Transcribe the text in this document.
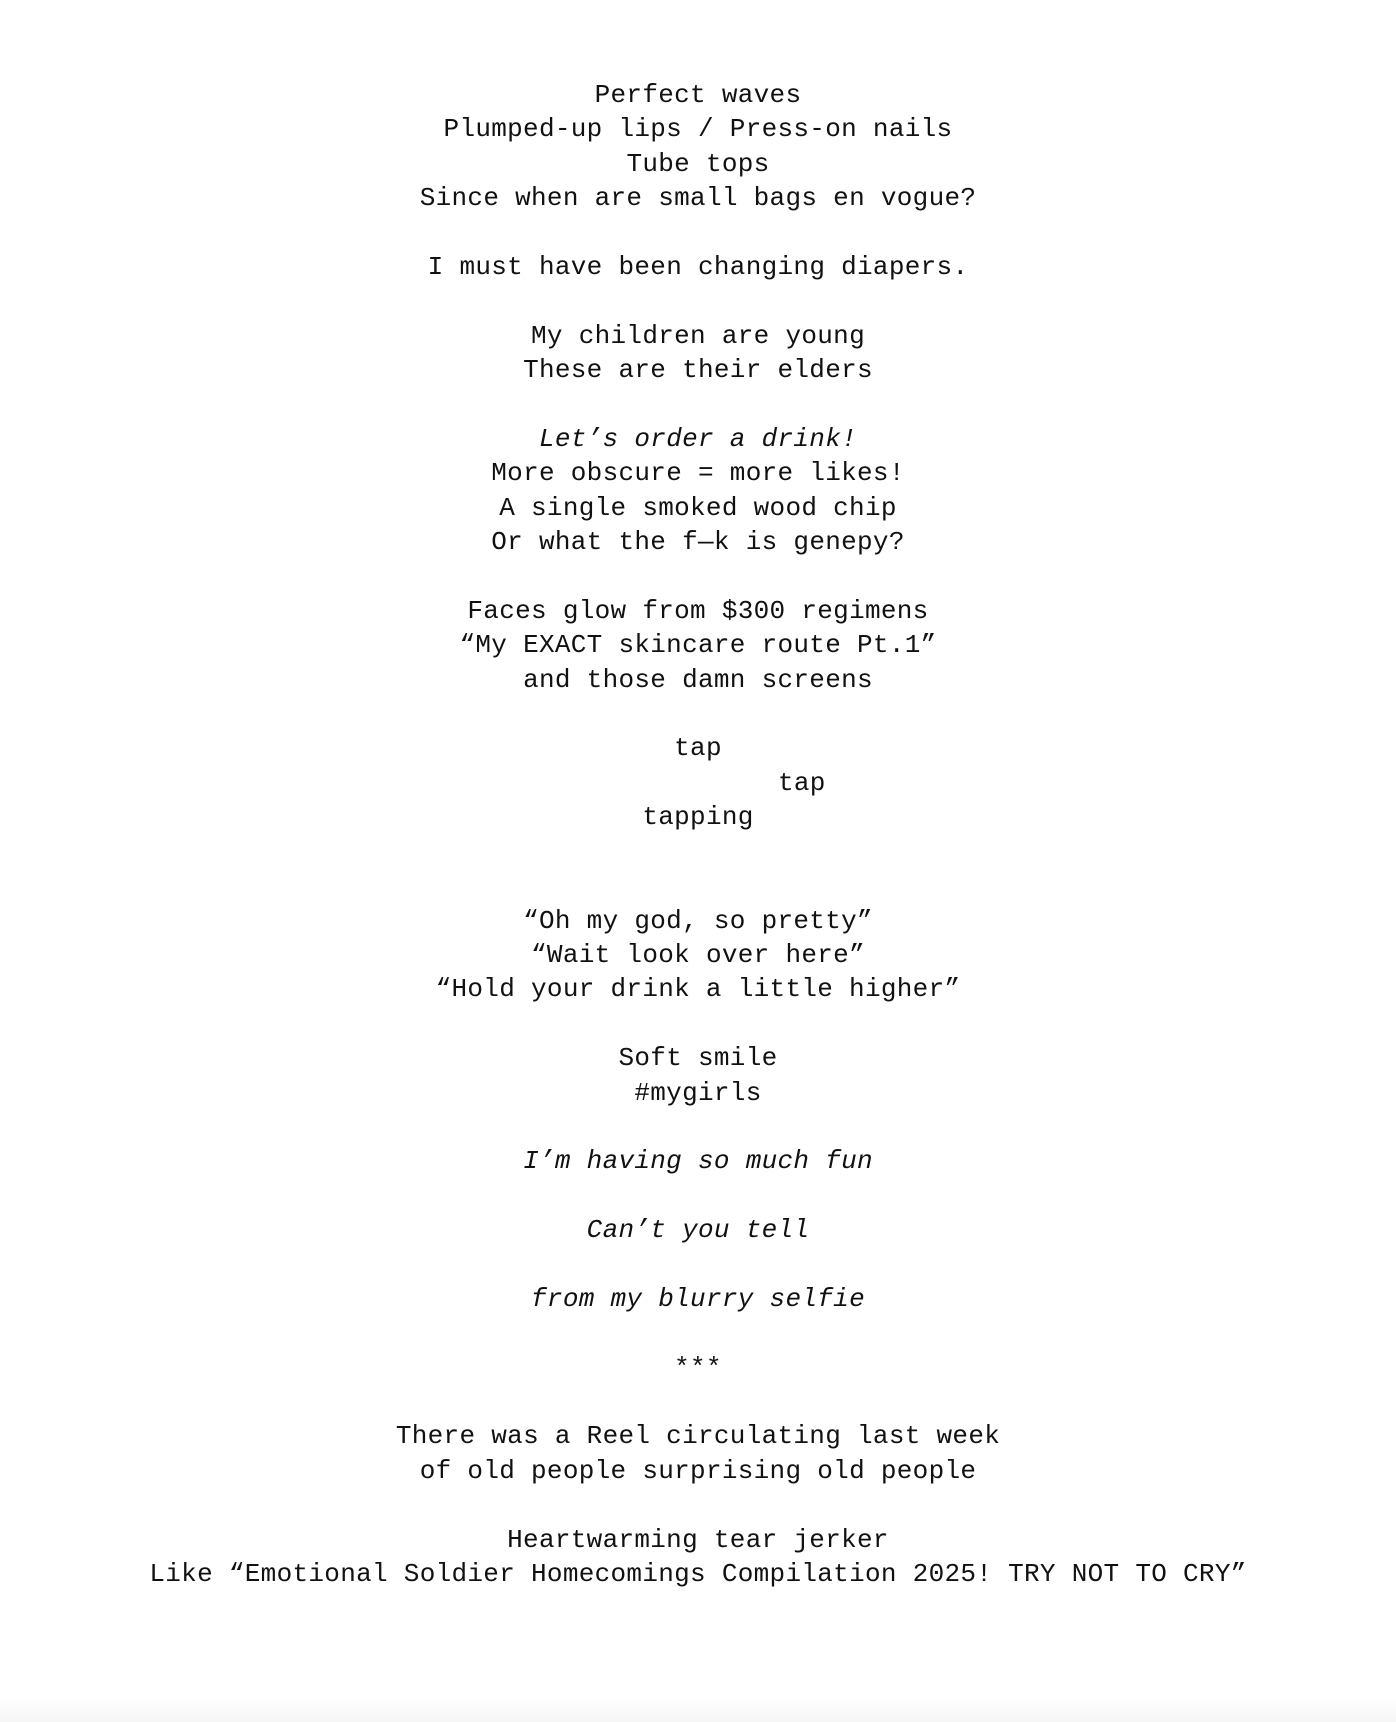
Perfect waves
Plumped-up lips / Press-on nails
Tube tops
Since when are small bags en vogue?
I must have been changing diapers.
My children are young
These are their elders
Let’s order a drink!
More obscure = more likes!
A single smoked wood chip
Or what the f—k is genepy?
Faces glow from $300 regimens
“My EXACT skincare route Pt.1”
and those damn screens
tap
tap
tapping
“Oh my god, so pretty”
“Wait look over here”
“Hold your drink a little higher”
Soft smile
#mygirls
I’m having so much fun
Can’t you tell
from my blurry selfie
***
There was a Reel circulating last week
of old people surprising old people
Heartwarming tear jerker
Like “Emotional Soldier Homecomings Compilation 2025! TRY NOT TO CRY”
